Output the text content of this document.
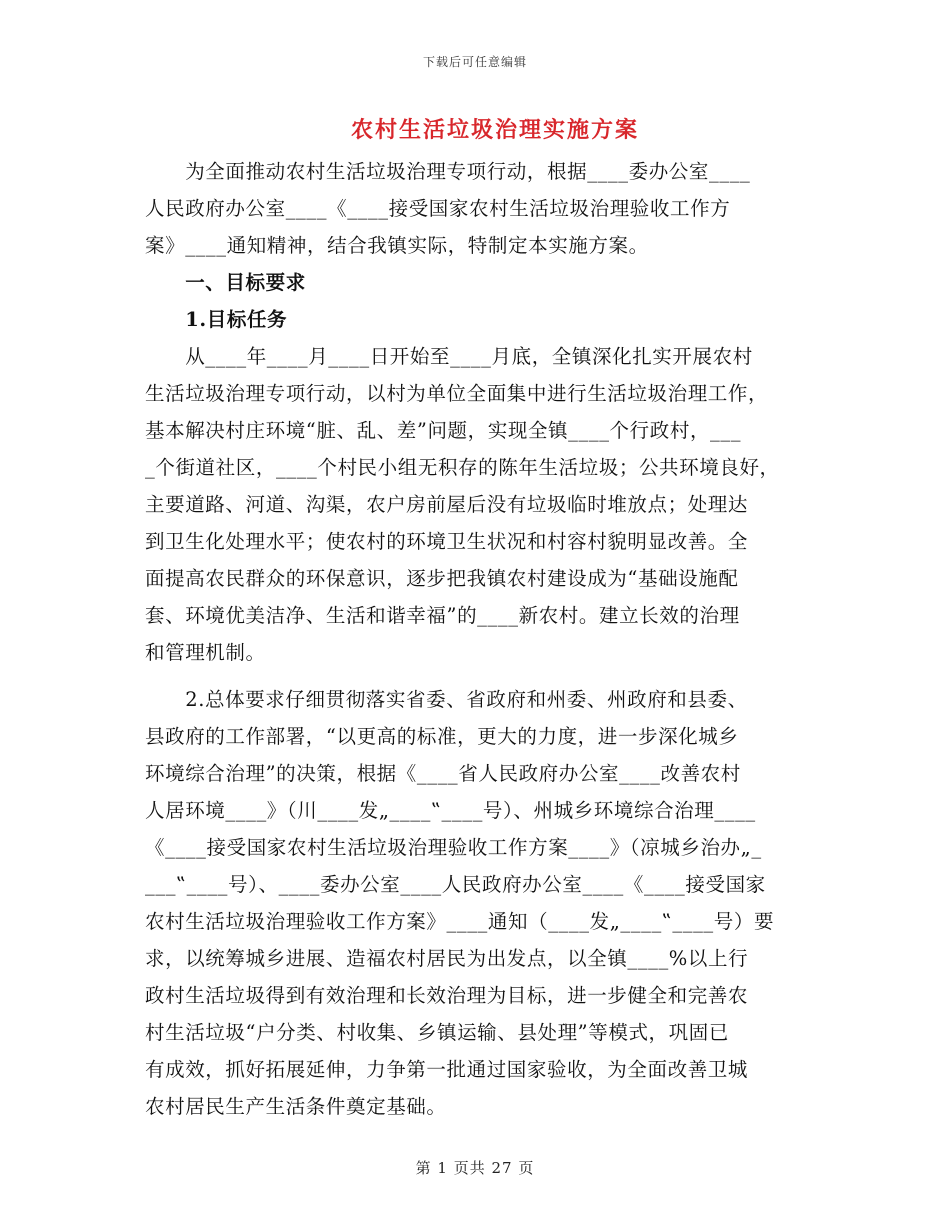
下载后可任意编辑
农村生活垃圾治理实施方案
　　为全面推动农村生活垃圾治理专项行动，根据____委办公室____
人民政府办公室____《____接受国家农村生活垃圾治理验收工作方
案》____通知精神，结合我镇实际，特制定本实施方案。
　　一、目标要求
　　1.目标任务
　　从____年____月____日开始至____月底，全镇深化扎实开展农村
生活垃圾治理专项行动，以村为单位全面集中进行生活垃圾治理工作，
基本解决村庄环境“脏、乱、差”问题，实现全镇____个行政村，___
_个街道社区，____个村民小组无积存的陈年生活垃圾；公共环境良好，
主要道路、河道、沟渠，农户房前屋后没有垃圾临时堆放点；处理达
到卫生化处理水平；使农村的环境卫生状况和村容村貌明显改善。全
面提高农民群众的环保意识，逐步把我镇农村建设成为“基础设施配
套、环境优美洁净、生活和谐幸福”的____新农村。建立长效的治理
和管理机制。
　　2.总体要求仔细贯彻落实省委、省政府和州委、州政府和县委、
县政府的工作部署，“以更高的标准，更大的力度，进一步深化城乡
环境综合治理”的决策，根据《____省人民政府办公室____改善农村
人居环境____》（川____发„____‟____号）、州城乡环境综合治理____
《____接受国家农村生活垃圾治理验收工作方案____》（凉城乡治办„_
___‟____号）、____委办公室____人民政府办公室____《____接受国家
农村生活垃圾治理验收工作方案》____通知（____发„____‟____号）要
求，以统筹城乡进展、造福农村居民为出发点，以全镇____%以上行
政村生活垃圾得到有效治理和长效治理为目标，进一步健全和完善农
村生活垃圾“户分类、村收集、乡镇运输、县处理”等模式，巩固已
有成效，抓好拓展延伸，力争第一批通过国家验收，为全面改善卫城
农村居民生产生活条件奠定基础。
第 1 页共 27 页
